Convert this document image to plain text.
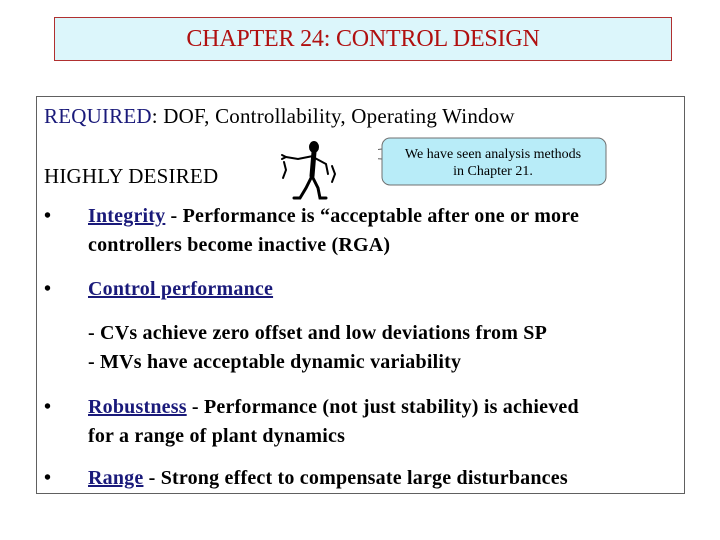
CHAPTER 24: CONTROL DESIGN
REQUIRED: DOF, Controllability, Operating Window
HIGHLY DESIRED
We have seen analysis methods
in Chapter 21.
• Integrity - Performance is “acceptable after one or more
controllers become inactive (RGA)
• Control performance
- CVs achieve zero offset and low deviations from SP
- MVs have acceptable dynamic variability
• Robustness - Performance (not just stability) is achieved
for a range of plant dynamics
• Range - Strong effect to compensate large disturbances
